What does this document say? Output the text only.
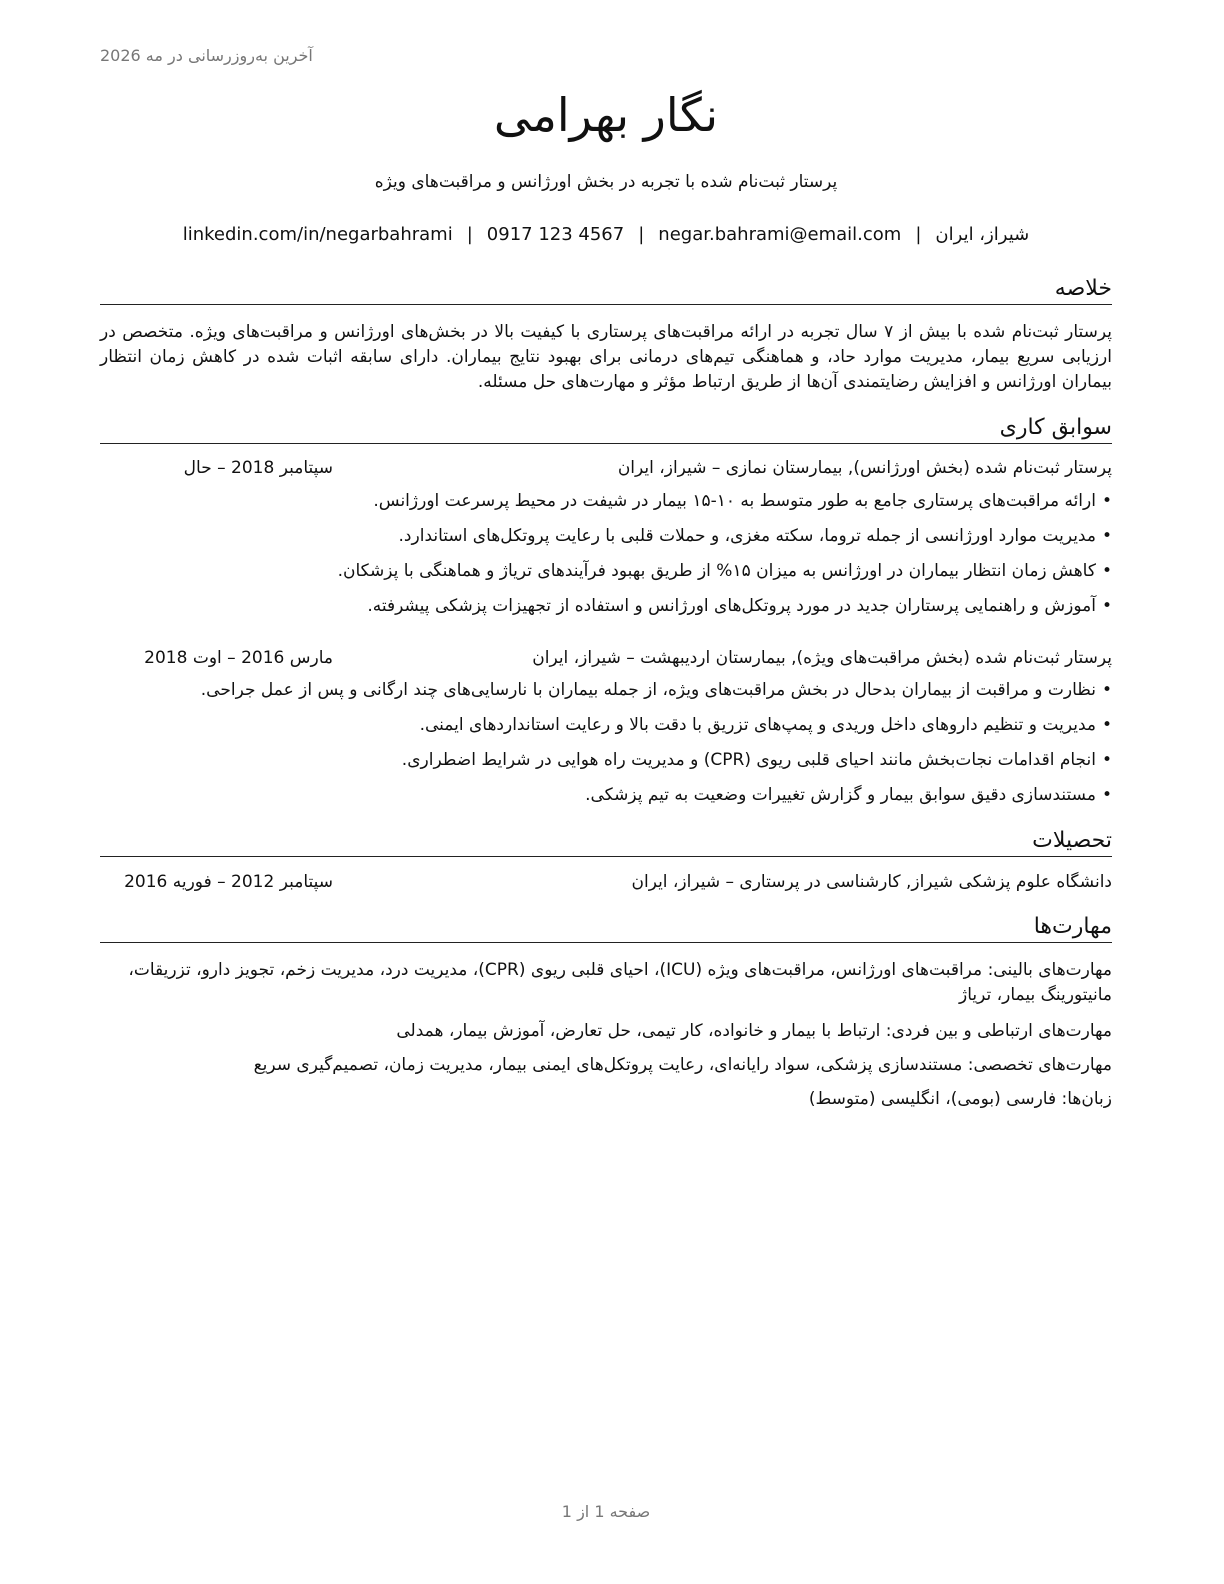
آخرین به‌روزرسانی در مه 2026
نگار بهرامی
پرستار ثبت‌نام شده با تجربه در بخش اورژانس و مراقبت‌های ویژه
شیراز، ایران|negar.bahrami@email.com|0917 123 4567|linkedin.com/in/negarbahrami
خلاصه
پرستار ثبت‌نام شده با بیش از ۷ سال تجربه در ارائه مراقبت‌های پرستاری با کیفیت بالا در بخش‌های اورژانس و مراقبت‌های ویژه. متخصص در ارزیابی سریع بیمار، مدیریت موارد حاد، و هماهنگی تیم‌های درمانی برای بهبود نتایج بیماران. دارای سابقه اثبات شده در کاهش زمان انتظار بیماران اورژانس و افزایش رضایتمندی آن‌ها از طریق ارتباط مؤثر و مهارت‌های حل مسئله.
سوابق کاری
پرستار ثبت‌نام شده (بخش اورژانس), بیمارستان نمازی – شیراز، ایران
سپتامبر 2018 – حال
• ارائه مراقبت‌های پرستاری جامع به طور متوسط به ۱۰-۱۵ بیمار در شیفت در محیط پرسرعت اورژانس.
• مدیریت موارد اورژانسی از جمله تروما، سکته مغزی، و حملات قلبی با رعایت پروتکل‌های استاندارد.
• کاهش زمان انتظار بیماران در اورژانس به میزان ۱۵% از طریق بهبود فرآیندهای تریاژ و هماهنگی با پزشکان.
• آموزش و راهنمایی پرستاران جدید در مورد پروتکل‌های اورژانس و استفاده از تجهیزات پزشکی پیشرفته.
پرستار ثبت‌نام شده (بخش مراقبت‌های ویژه), بیمارستان اردیبهشت – شیراز، ایران
مارس 2016 – اوت 2018
• نظارت و مراقبت از بیماران بدحال در بخش مراقبت‌های ویژه، از جمله بیماران با نارسایی‌های چند ارگانی و پس از عمل جراحی.
• مدیریت و تنظیم داروهای داخل وریدی و پمپ‌های تزریق با دقت بالا و رعایت استانداردهای ایمنی.
• انجام اقدامات نجات‌بخش مانند احیای قلبی ریوی (CPR) و مدیریت راه هوایی در شرایط اضطراری.
• مستندسازی دقیق سوابق بیمار و گزارش تغییرات وضعیت به تیم پزشکی.
تحصیلات
دانشگاه علوم پزشکی شیراز, کارشناسی در پرستاری – شیراز، ایران
سپتامبر 2012 – فوریه 2016
مهارت‌ها
مهارت‌های بالینی: مراقبت‌های اورژانس، مراقبت‌های ویژه (ICU)، احیای قلبی ریوی (CPR)، مدیریت درد، مدیریت زخم، تجویز دارو، تزریقات، مانیتورینگ بیمار، تریاژ
مهارت‌های ارتباطی و بین فردی: ارتباط با بیمار و خانواده، کار تیمی، حل تعارض، آموزش بیمار، همدلی
مهارت‌های تخصصی: مستندسازی پزشکی، سواد رایانه‌ای، رعایت پروتکل‌های ایمنی بیمار، مدیریت زمان، تصمیم‌گیری سریع
زبان‌ها: فارسی (بومی)، انگلیسی (متوسط)
صفحه 1 از 1
